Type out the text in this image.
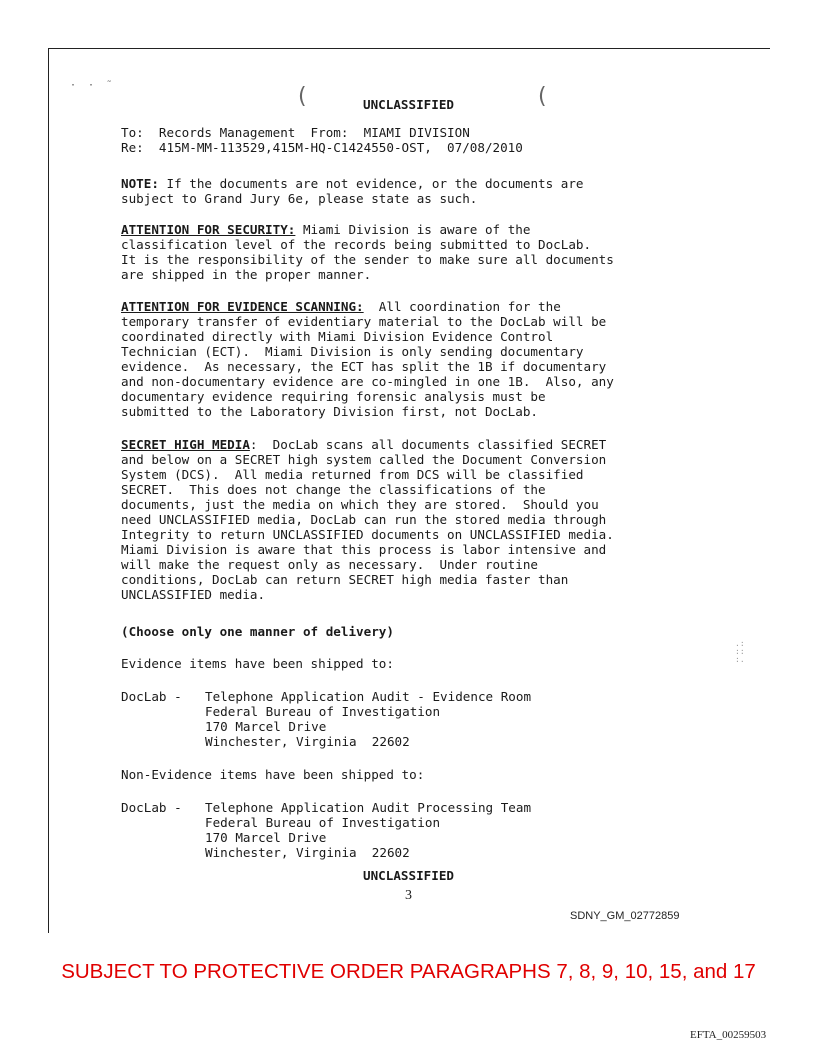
·  ·  ˜	(	(
UNCLASSIFIED
To:  Records Management  From:  MIAMI DIVISION
Re:  415M-MM-113529,415M-HQ-C1424550-OST,  07/08/2010
NOTE: If the documents are not evidence, or the documents are
subject to Grand Jury 6e, please state as such.
ATTENTION FOR SECURITY: Miami Division is aware of the
classification level of the records being submitted to DocLab.
It is the responsibility of the sender to make sure all documents
are shipped in the proper manner.
ATTENTION FOR EVIDENCE SCANNING:  All coordination for the
temporary transfer of evidentiary material to the DocLab will be
coordinated directly with Miami Division Evidence Control
Technician (ECT).  Miami Division is only sending documentary
evidence.  As necessary, the ECT has split the 1B if documentary
and non-documentary evidence are co-mingled in one 1B.  Also, any
documentary evidence requiring forensic analysis must be
submitted to the Laboratory Division first, not DocLab.
SECRET HIGH MEDIA:  DocLab scans all documents classified SECRET
and below on a SECRET high system called the Document Conversion
System (DCS).  All media returned from DCS will be classified
SECRET.  This does not change the classifications of the
documents, just the media on which they are stored.  Should you
need UNCLASSIFIED media, DocLab can run the stored media through
Integrity to return UNCLASSIFIED documents on UNCLASSIFIED media.
Miami Division is aware that this process is labor intensive and
will make the request only as necessary.  Under routine
conditions, DocLab can return SECRET high media faster than
UNCLASSIFIED media.
(Choose only one manner of delivery)
Evidence items have been shipped to:
DocLab - Telephone Application Audit - Evidence Room
Federal Bureau of Investigation
170 Marcel Drive
Winchester, Virginia  22602
Non-Evidence items have been shipped to:
DocLab - Telephone Application Audit Processing Team
Federal Bureau of Investigation
170 Marcel Drive
Winchester, Virginia  22602
.:
::
:.
UNCLASSIFIED
3
SDNY_GM_02772859
SUBJECT TO PROTECTIVE ORDER PARAGRAPHS 7, 8, 9, 10, 15, and 17
EFTA_00259503
